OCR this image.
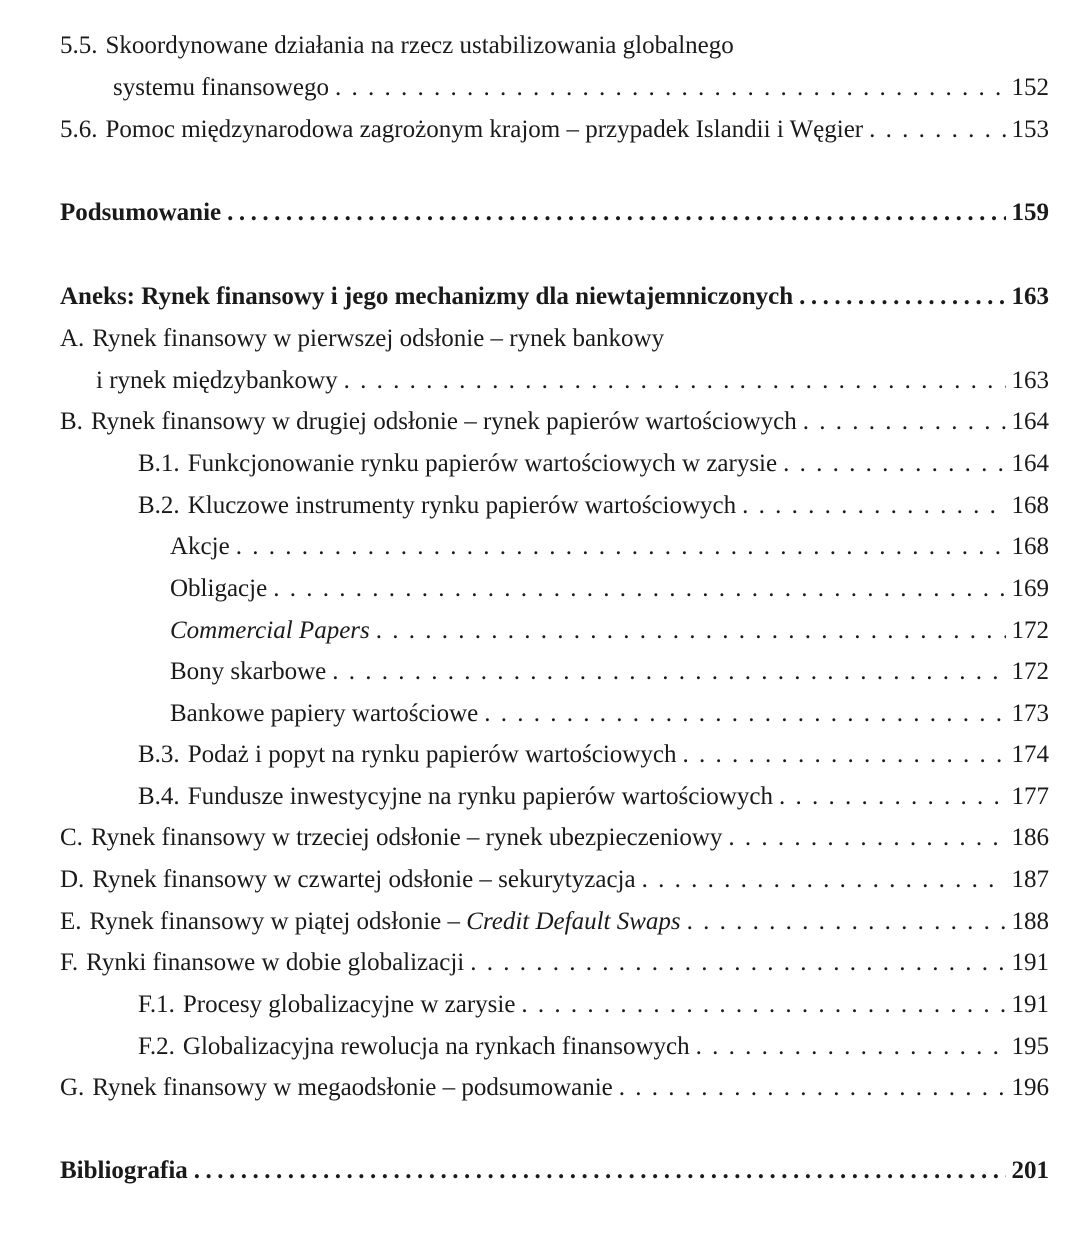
5.5. Skoordynowane działania na rzecz ustabilizowania globalnego
systemu finansowego . . .	152
5.6. Pomoc międzynarodowa zagrożonym krajom – przypadek Islandii i Węgier . . .	153
Podsumowanie .....	159
Aneks: Rynek finansowy i jego mechanizmy dla niewtajemniczonych .....	163
A. Rynek finansowy w pierwszej odsłonie – rynek bankowy
i rynek międzybankowy . . .	163
B. Rynek finansowy w drugiej odsłonie – rynek papierów wartościowych . . .	164
B.1. Funkcjonowanie rynku papierów wartościowych w zarysie . . .	164
B.2. Kluczowe instrumenty rynku papierów wartościowych . . .	168
Akcje . . .	168
Obligacje . . .	169
Commercial Papers . . .	172
Bony skarbowe . . .	172
Bankowe papiery wartościowe . . .	173
B.3. Podaż i popyt na rynku papierów wartościowych . . .	174
B.4. Fundusze inwestycyjne na rynku papierów wartościowych . . .	177
C. Rynek finansowy w trzeciej odsłonie – rynek ubezpieczeniowy . . .	186
D. Rynek finansowy w czwartej odsłonie – sekurytyzacja . . .	187
E. Rynek finansowy w piątej odsłonie – Credit Default Swaps . . .	188
F. Rynki finansowe w dobie globalizacji . . .	191
F.1. Procesy globalizacyjne w zarysie . . .	191
F.2. Globalizacyjna rewolucja na rynkach finansowych . . .	195
G. Rynek finansowy w megaodsłonie – podsumowanie . . .	196
Bibliografia .....	201
